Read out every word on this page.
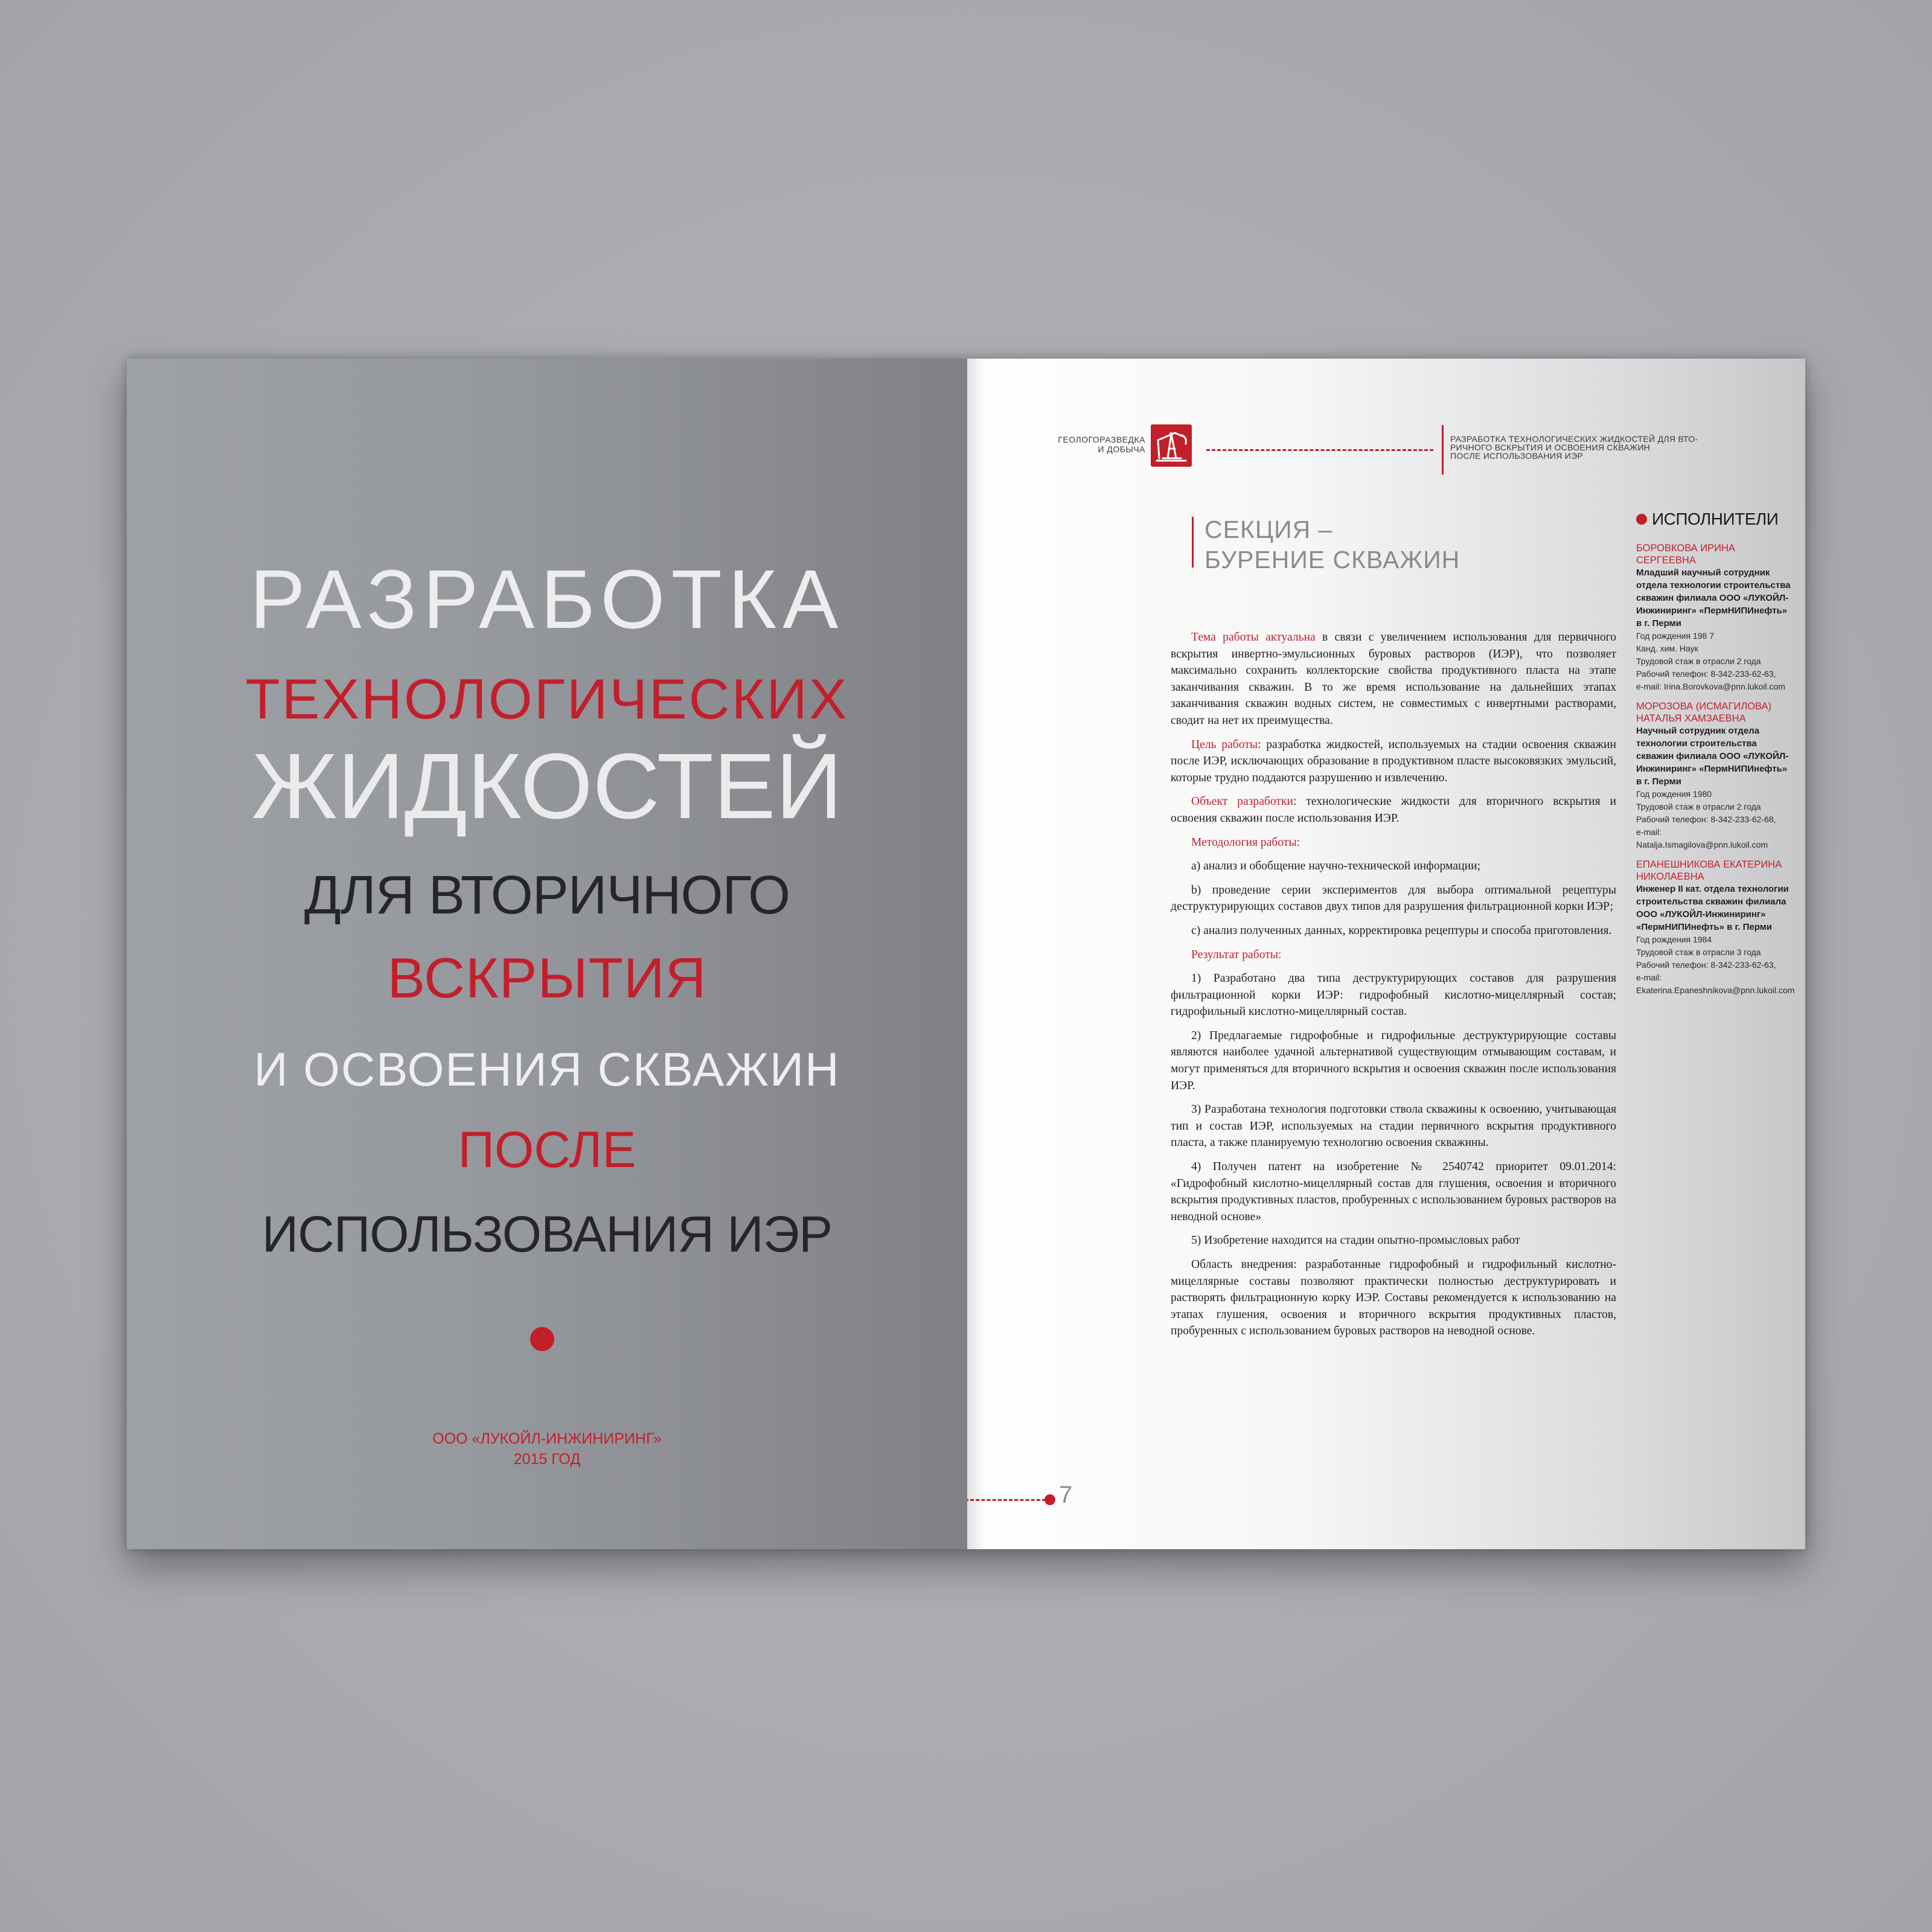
РАЗРАБОТКА
ТЕХНОЛОГИЧЕСКИХ
ЖИДКОСТЕЙ
ДЛЯ ВТОРИЧНОГО
ВСКРЫТИЯ
И ОСВОЕНИЯ СКВАЖИН
ПОСЛЕ
ИСПОЛЬЗОВАНИЯ ИЭР
ООО «ЛУКОЙЛ-ИНЖИНИРИНГ»
2015 ГОД
ГЕОЛОГОРАЗВЕДКА
И ДОБЫЧА
РАЗРАБОТКА ТЕХНОЛОГИЧЕСКИХ ЖИДКОСТЕЙ ДЛЯ ВТО-
РИЧНОГО ВСКРЫТИЯ И ОСВОЕНИЯ СКВАЖИН
ПОСЛЕ ИСПОЛЬЗОВАНИЯ ИЭР
СЕКЦИЯ –
БУРЕНИЕ СКВАЖИН

Тема работы актуальна в связи с увеличением использования для первичного вскрытия инвертно-эмульсионных буровых растворов (ИЭР), что позволяет максимально сохранить коллекторские свойства продуктивного пласта на этапе заканчивания скважин. В то же время использование на дальнейших этапах заканчивания скважин водных систем, не совместимых с инвертными растворами, сводит на нет их преимущества.

Цель работы: разработка жидкостей, используемых на стадии освоения скважин после ИЭР, исключающих образование в продуктивном пласте высоковязких эмульсий, которые трудно поддаются разрушению и извлечению.

Объект разработки: технологические жидкости для вторичного вскрытия и освоения скважин после использования ИЭР.

Методология работы:

а) анализ и обобщение научно-технической информации;

b) проведение серии экспериментов для выбора оптимальной рецептуры деструктурирующих составов двух типов для разрушения фильтрационной корки ИЭР;

c) анализ полученных данных, корректировка рецептуры и способа приготовления.

Результат работы:

1) Разработано два типа деструктурирующих составов для разрушения фильтрационной корки ИЭР: гидрофобный кислотно-мицеллярный состав; гидрофильный кислотно-мицеллярный состав.

2) Предлагаемые гидрофобные и гидрофильные деструктурирующие составы являются наиболее удачной альтернативой существующим отмывающим составам, и могут применяться для вторичного вскрытия и освоения скважин после использования ИЭР.

3) Разработана технология подготовки ствола скважины к освоению, учитывающая тип и состав ИЭР, используемых на стадии первичного вскрытия продуктивного пласта, а также планируемую технологию освоения скважины.

4) Получен патент на изобретение № 2540742 приоритет 09.01.2014: «Гидрофобный кислотно-мицеллярный состав для глушения, освоения и вторичного вскрытия продуктивных пластов, пробуренных с использованием буровых растворов на неводной основе»

5) Изобретение находится на стадии опытно-промысловых работ

Область внедрения: разработанные гидрофобный и гидрофильный кислотно-мицеллярные составы позволяют практически полностью деструктурировать и растворять фильтрационную корку ИЭР. Составы рекомендуется к использованию на этапах глушения, освоения и вторичного вскрытия продуктивных пластов, пробуренных с использованием буровых растворов на неводной основе.

ИСПОЛНИТЕЛИ
БОРОВКОВА ИРИНА СЕРГЕЕВНА
Младший научный сотрудник отдела технологии строительства скважин филиала ООО «ЛУКОЙЛ-Инжиниринг» «ПермНИПИнефть» в г. Перми
Год рождения 198 7
Канд. хим. Наук
Трудовой стаж в отрасли 2 года
Рабочий телефон: 8-342-233-62-63,
e-mail: Irina.Borovkova@pnn.lukoil.com
МОРОЗОВА (ИСМАГИЛОВА) НАТАЛЬЯ ХАМЗАЕВНА
Научный сотрудник отдела технологии строительства скважин филиала ООО «ЛУКОЙЛ-Инжиниринг» «ПермНИПИнефть» в г. Перми
Год рождения 1980
Трудовой стаж в отрасли 2 года
Рабочий телефон: 8-342-233-62-68,
e-mail: Natalja.Ismagilova@pnn.lukoil.com
ЕПАНЕШНИКОВА ЕКАТЕРИНА НИКОЛАЕВНА
Инженер II кат. отдела технологии строительства скважин филиала ООО «ЛУКОЙЛ-Инжиниринг» «ПермНИПИнефть» в г. Перми
Год рождения 1984
Трудовой стаж в отрасли 3 года
Рабочий телефон: 8-342-233-62-63,
e-mail:
Ekaterina.Epaneshnikova@pnn.lukoil.com
7
